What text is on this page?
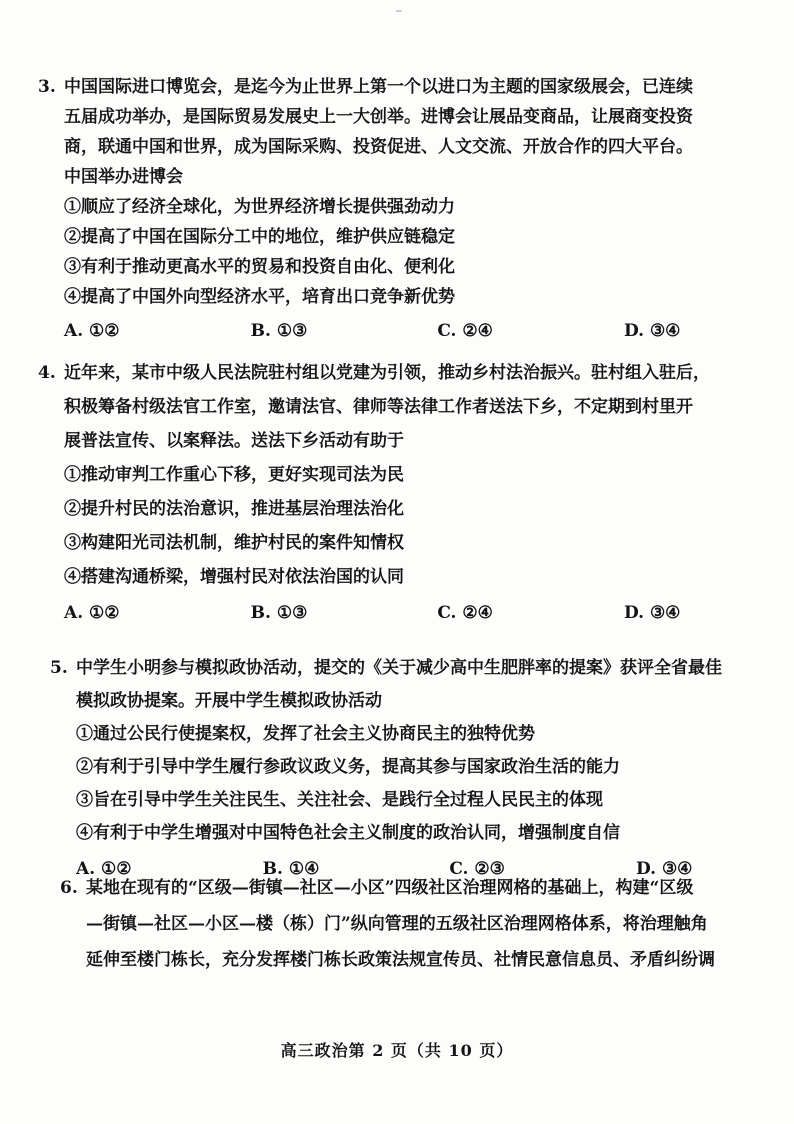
3. 中国国际进口博览会，是迄今为止世界上第一个以进口为主题的国家级展会，已连续
五届成功举办，是国际贸易发展史上一大创举。进博会让展品变商品，让展商变投资
商，联通中国和世界，成为国际采购、投资促进、人文交流、开放合作的四大平台。
中国举办进博会

①顺应了经济全球化，为世界经济增长提供强劲动力
②提高了中国在国际分工中的地位，维护供应链稳定
③有利于推动更高水平的贸易和投资自由化、便利化
④提高了中国外向型经济水平，培育出口竞争新优势
A. ①②	B. ①③	C. ②④	D. ③④

4. 近年来，某市中级人民法院驻村组以党建为引领，推动乡村法治振兴。驻村组入驻后，
积极筹备村级法官工作室，邀请法官、律师等法律工作者送法下乡，不定期到村里开
展普法宣传、以案释法。送法下乡活动有助于

①推动审判工作重心下移，更好实现司法为民
②提升村民的法治意识，推进基层治理法治化
③构建阳光司法机制，维护村民的案件知情权
④搭建沟通桥梁，增强村民对依法治国的认同
A. ①②	B. ①③	C. ②④	D. ③④

5. 中学生小明参与模拟政协活动，提交的《关于减少高中生肥胖率的提案》获评全省最佳
模拟政协提案。开展中学生模拟政协活动

①通过公民行使提案权，发挥了社会主义协商民主的独特优势
②有利于引导中学生履行参政议政义务，提高其参与国家政治生活的能力
③旨在引导中学生关注民生、关注社会、是践行全过程人民民主的体现
④有利于中学生增强对中国特色社会主义制度的政治认同，增强制度自信
A. ①②	B. ①④	C. ②③	D. ③④

6. 某地在现有的“区级—街镇—社区—小区”四级社区治理网格的基础上，构建“区级
—街镇—社区—小区—楼（栋）门”纵向管理的五级社区治理网格体系，将治理触角
延伸至楼门栋长，充分发挥楼门栋长政策法规宣传员、社情民意信息员、矛盾纠纷调

高三政治第 2 页（共 10 页）
